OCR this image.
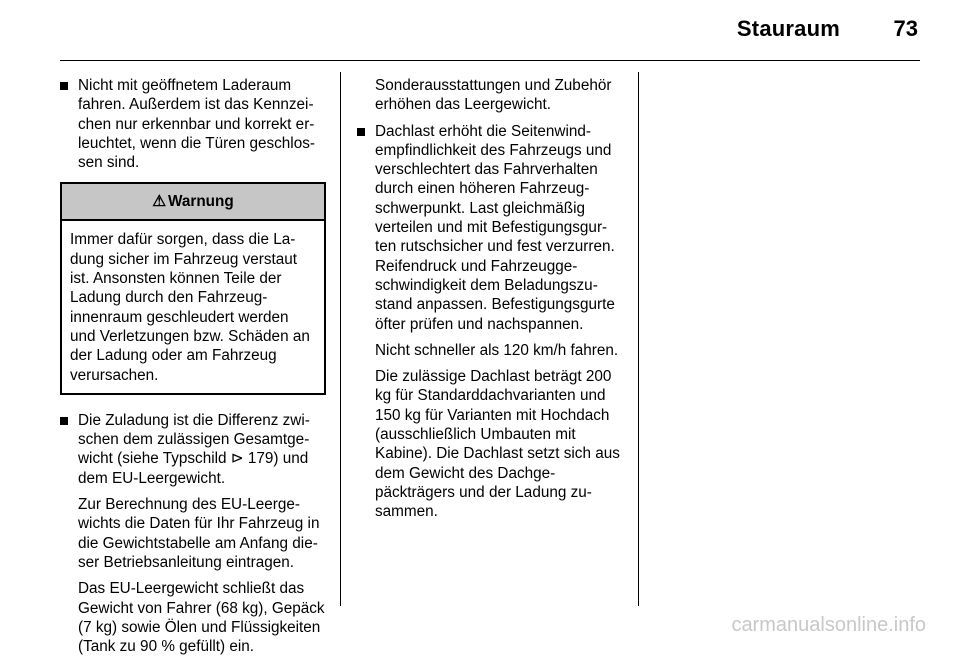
Stauraum 73

Nicht mit geöffnetem Laderaum fahren. Außerdem ist das Kennzeichen nur erkennbar und korrekt erleuchtet, wenn die Türen geschlossen sind.

⚠ Warnung
Immer dafür sorgen, dass die Ladung sicher im Fahrzeug verstaut ist. Ansonsten können Teile der Ladung durch den Fahrzeuginnenraum geschleudert werden und Verletzungen bzw. Schäden an der Ladung oder am Fahrzeug verursachen.

Die Zuladung ist die Differenz zwischen dem zulässigen Gesamtgewicht (siehe Typschild ⊳ 179) und dem EU-Leergewicht.

Zur Berechnung des EU-Leergewichts die Daten für Ihr Fahrzeug in die Gewichtstabelle am Anfang dieser Betriebsanleitung eintragen.

Das EU-Leergewicht schließt das Gewicht von Fahrer (68 kg), Gepäck (7 kg) sowie Ölen und Flüssigkeiten (Tank zu 90 % gefüllt) ein.

Sonderausstattungen und Zubehör erhöhen das Leergewicht.

Dachlast erhöht die Seitenwindempfindlichkeit des Fahrzeugs und verschlechtert das Fahrverhalten durch einen höheren Fahrzeugschwerpunkt. Last gleichmäßig verteilen und mit Befestigungsgurten rutschsicher und fest verzurren. Reifendruck und Fahrzeuggeschwindigkeit dem Beladungszustand anpassen. Befestigungsgurte öfter prüfen und nachspannen.

Nicht schneller als 120 km/h fahren.

Die zulässige Dachlast beträgt 200 kg für Standarddachvarianten und 150 kg für Varianten mit Hochdach (ausschließlich Umbauten mit Kabine). Die Dachlast setzt sich aus dem Gewicht des Dachgepäckträgers und der Ladung zusammen.

carmanualsonline.info
